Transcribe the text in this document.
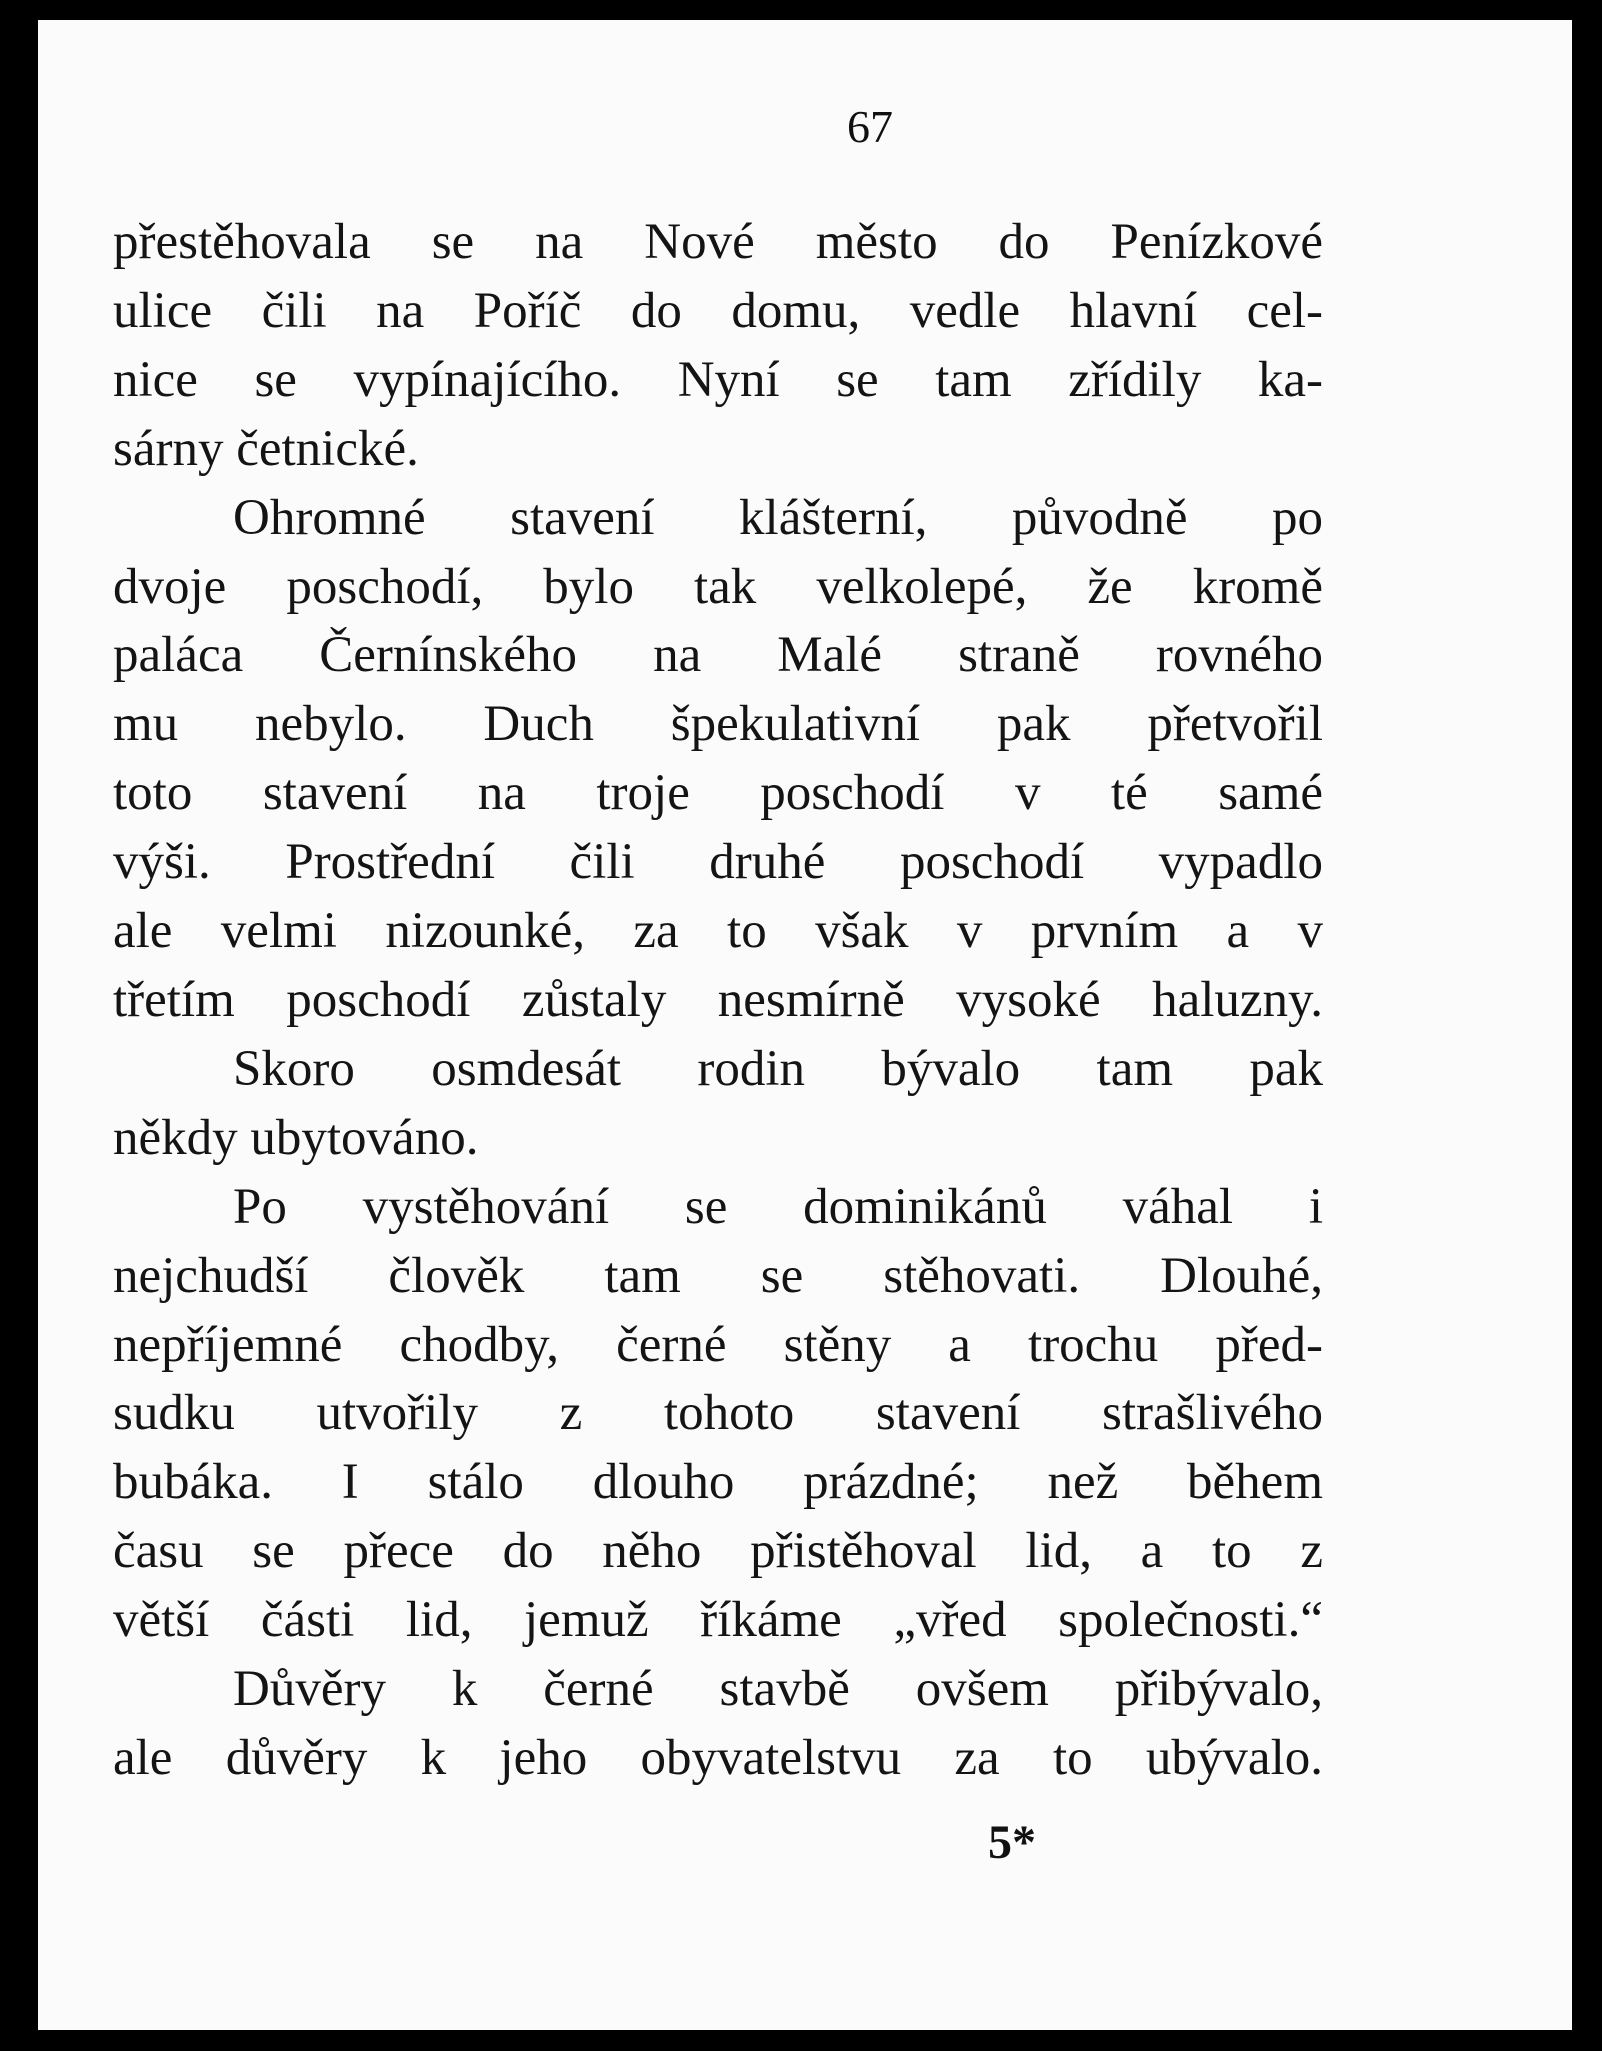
67
přestěhovala se na Nové město do Penízkové
ulice čili na Poříč do domu, vedle hlavní cel-
nice se vypínajícího. Nyní se tam zřídily ka-
sárny četnické.
Ohromné stavení klášterní, původně po
dvoje poschodí, bylo tak velkolepé, že kromě
paláca Černínského na Malé straně rovného
mu nebylo. Duch špekulativní pak přetvořil
toto stavení na troje poschodí v té samé
výši. Prostřední čili druhé poschodí vypadlo
ale velmi nizounké, za to však v prvním a v
třetím poschodí zůstaly nesmírně vysoké haluzny.
Skoro osmdesát rodin bývalo tam pak
někdy ubytováno.
Po vystěhování se dominikánů váhal i
nejchudší člověk tam se stěhovati. Dlouhé,
nepříjemné chodby, černé stěny a trochu před-
sudku utvořily z tohoto stavení strašlivého
bubáka. I stálo dlouho prázdné; než během
času se přece do něho přistěhoval lid, a to z
větší části lid, jemuž říkáme „vřed společnosti.“
Důvěry k černé stavbě ovšem přibývalo,
ale důvěry k jeho obyvatelstvu za to ubývalo.
5*
